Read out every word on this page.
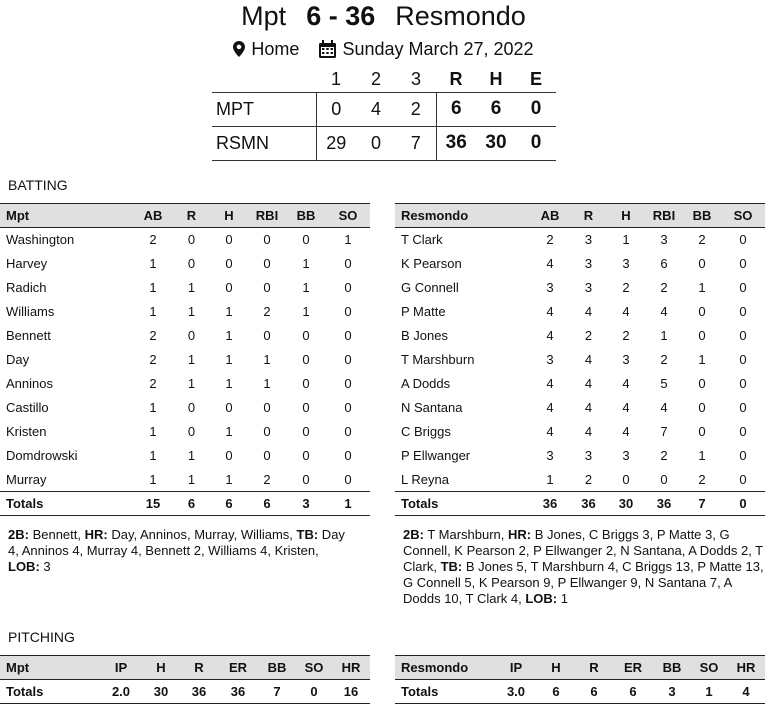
Mpt 6 - 36 Resmondo
Home Sunday March 27, 2022
	1	2	3	R	H	E
MPT	0	4	2	6	6	0
RSMN	29	0	7	36	30	0
BATTING
Mpt	AB	R	H	RBI	BB	SO
Washington	2	0	0	0	0	1
Harvey	1	0	0	0	1	0
Radich	1	1	0	0	1	0
Williams	1	1	1	2	1	0
Bennett	2	0	1	0	0	0
Day	2	1	1	1	0	0
Anninos	2	1	1	1	0	0
Castillo	1	0	0	0	0	0
Kristen	1	0	1	0	0	0
Domdrowski	1	1	0	0	0	0
Murray	1	1	1	2	0	0
Totals	15	6	6	6	3	1
Resmondo	AB	R	H	RBI	BB	SO
T Clark	2	3	1	3	2	0
K Pearson	4	3	3	6	0	0
G Connell	3	3	2	2	1	0
P Matte	4	4	4	4	0	0
B Jones	4	2	2	1	0	0
T Marshburn	3	4	3	2	1	0
A Dodds	4	4	4	5	0	0
N Santana	4	4	4	4	0	0
C Briggs	4	4	4	7	0	0
P Ellwanger	3	3	3	2	1	0
L Reyna	1	2	0	0	2	0
Totals	36	36	30	36	7	0
2B: Bennett, HR: Day, Anninos, Murray, Williams, TB: Day 4, Anninos 4, Murray 4, Bennett 2, Williams 4, Kristen, LOB: 3
2B: T Marshburn, HR: B Jones, C Briggs 3, P Matte 3, G Connell, K Pearson 2, P Ellwanger 2, N Santana, A Dodds 2, T Clark, TB: B Jones 5, T Marshburn 4, C Briggs 13, P Matte 13, G Connell 5, K Pearson 9, P Ellwanger 9, N Santana 7, A Dodds 10, T Clark 4, LOB: 1
PITCHING
Mpt	IP	H	R	ER	BB	SO	HR
Totals	2.0	30	36	36	7	0	16
Resmondo	IP	H	R	ER	BB	SO	HR
Totals	3.0	6	6	6	3	1	4
